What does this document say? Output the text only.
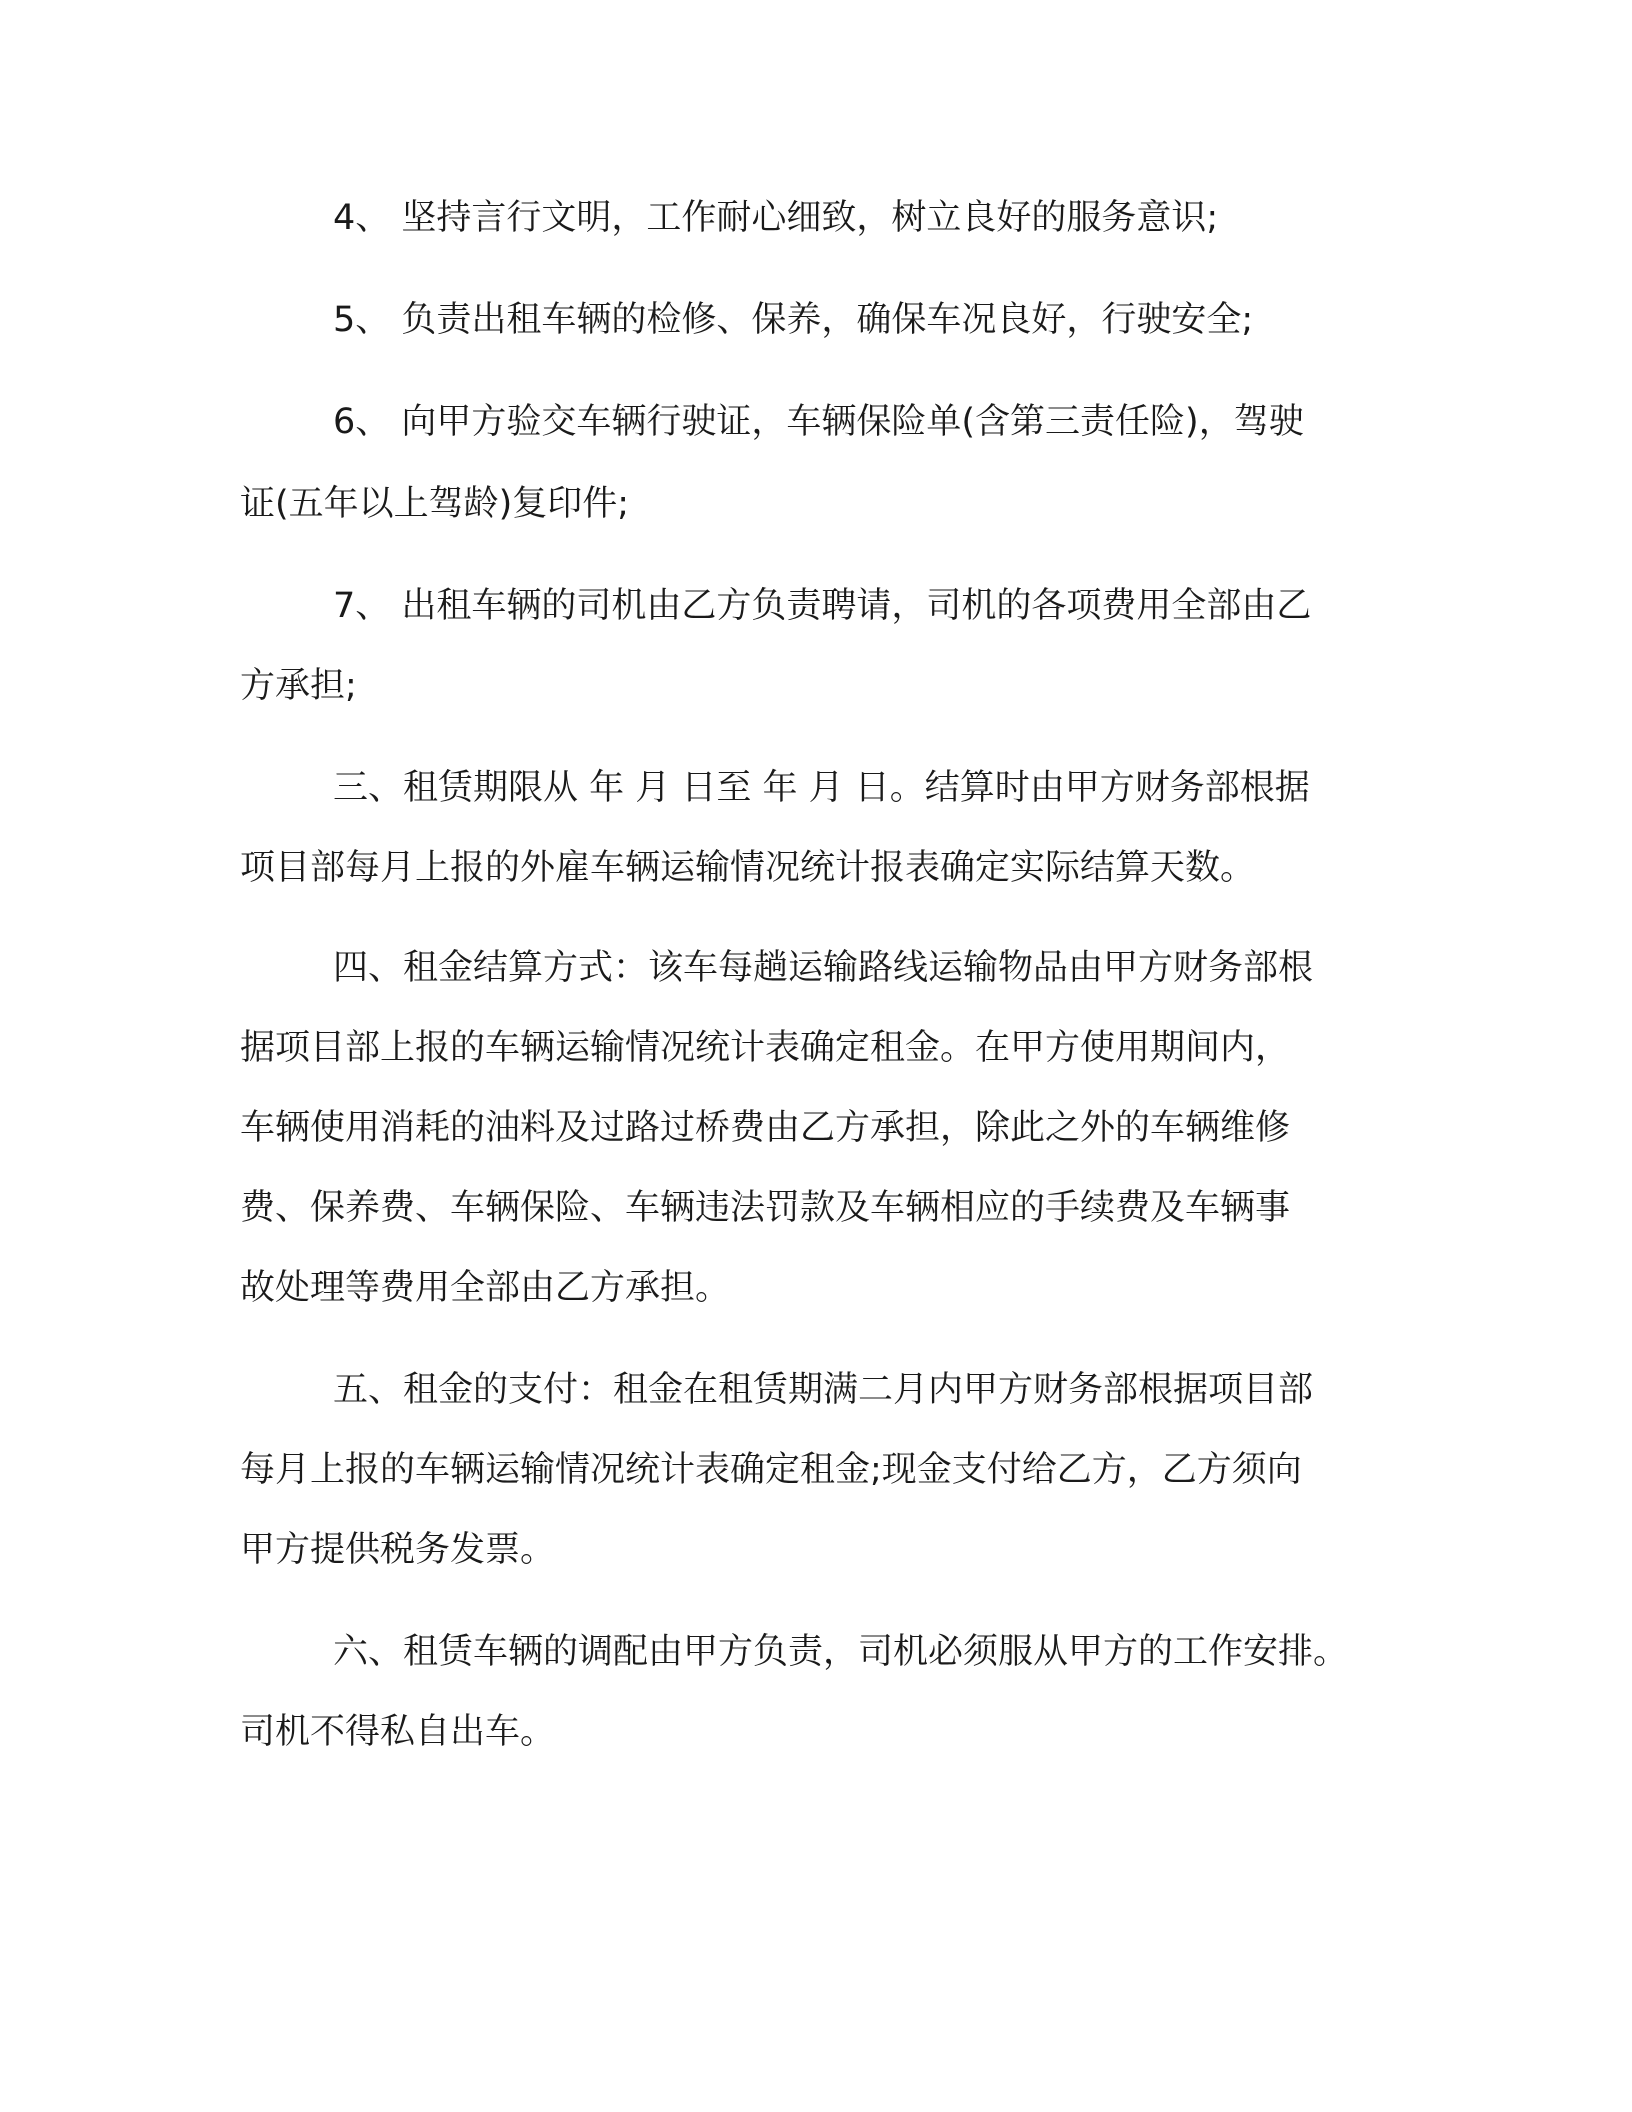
4、 坚持言行文明，工作耐心细致，树立良好的服务意识;

5、 负责出租车辆的检修、保养，确保车况良好，行驶安全;

6、 向甲方验交车辆行驶证，车辆保险单(含第三责任险)，驾驶

证(五年以上驾龄)复印件;

7、 出租车辆的司机由乙方负责聘请，司机的各项费用全部由乙

方承担;

三、租赁期限从 年 月 日至 年 月 日。结算时由甲方财务部根据

项目部每月上报的外雇车辆运输情况统计报表确定实际结算天数。

四、租金结算方式：该车每趟运输路线运输物品由甲方财务部根

据项目部上报的车辆运输情况统计表确定租金。在甲方使用期间内，

车辆使用消耗的油料及过路过桥费由乙方承担，除此之外的车辆维修

费、保养费、车辆保险、车辆违法罚款及车辆相应的手续费及车辆事

故处理等费用全部由乙方承担。

五、租金的支付：租金在租赁期满二月内甲方财务部根据项目部

每月上报的车辆运输情况统计表确定租金;现金支付给乙方，乙方须向

甲方提供税务发票。

六、租赁车辆的调配由甲方负责，司机必须服从甲方的工作安排。

司机不得私自出车。
